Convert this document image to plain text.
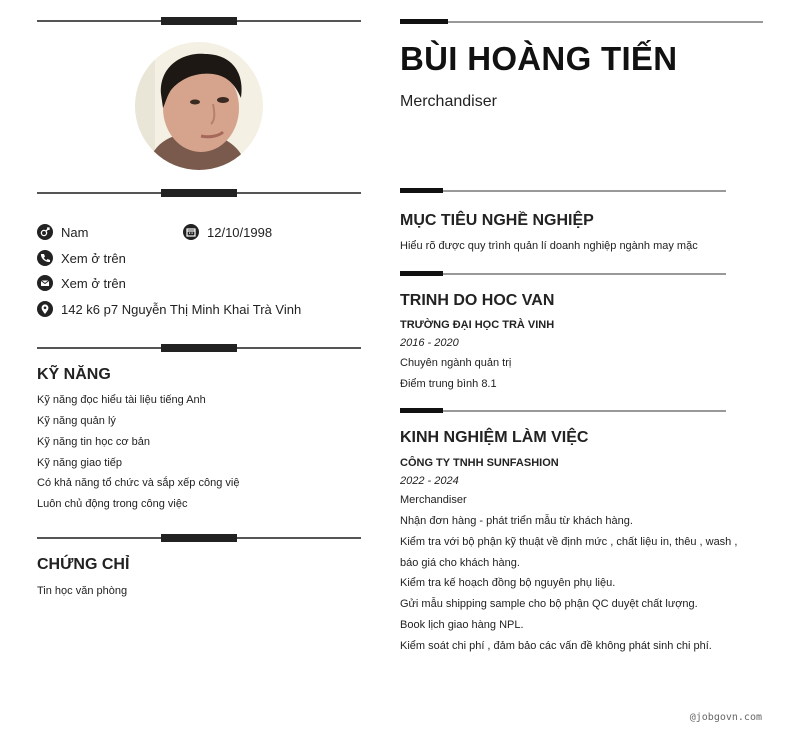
Nam	12/10/1998
Xem ở trên
Xem ở trên
142 k6 p7 Nguyễn Thị Minh Khai Trà Vinh
KỸ NĂNG
Kỹ năng đọc hiểu tài liệu tiếng Anh
Kỹ năng quản lý
Kỹ năng tin học cơ bản
Kỹ năng giao tiếp
Có khả năng tổ chức và sắp xếp công việ
Luôn chủ động trong công việc
CHỨNG CHỈ
Tin học văn phòng
BÙI HOÀNG TIẾN
Merchandiser
MỤC TIÊU NGHỀ NGHIỆP
Hiểu rõ được quy trình quản lí doanh nghiệp ngành may mặc
TRINH DO HOC VAN
TRƯỜNG ĐẠI HỌC TRÀ VINH
2016 - 2020
Chuyên ngành quản trị
Điểm trung bình 8.1
KINH NGHIỆM LÀM VIỆC
CÔNG TY TNHH SUNFASHION
2022 - 2024
Merchandiser
Nhận đơn hàng - phát triển mẫu từ khách hàng.
Kiểm tra với bộ phận kỹ thuật về định mức , chất liệu in, thêu , wash ,
báo giá cho khách hàng.
Kiểm tra kế hoạch đồng bộ nguyên phụ liệu.
Gửi mẫu shipping sample cho bộ phận QC duyệt chất lượng.
Book lịch giao hàng NPL.
Kiểm soát chi phí , đảm bảo các vấn đề không phát sinh chi phí.
@jobgovn.com
